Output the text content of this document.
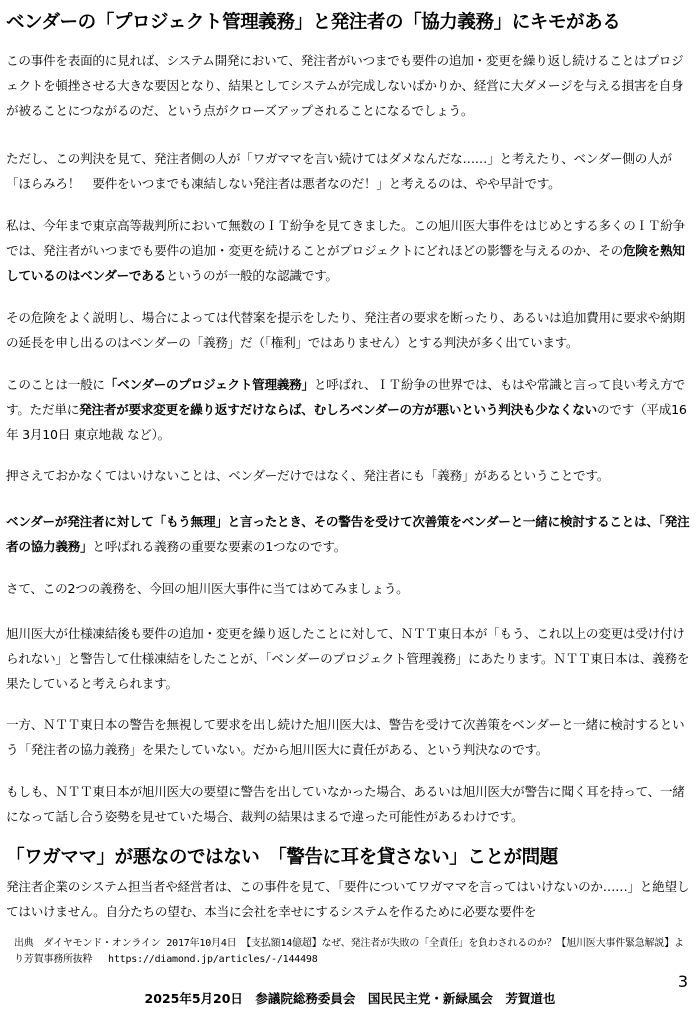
ベンダーの「プロジェクト管理義務」と発注者の「協力義務」にキモがある

この事件を表面的に見れば、システム開発において、発注者がいつまでも要件の追加・変更を繰り返し続けることはプロジェクトを頓挫させる大きな要因となり、結果としてシステムが完成しないばかりか、経営に大ダメージを与える損害を自身が被ることにつながるのだ、という点がクローズアップされることになるでしょう。

ただし、この判決を見て、発注者側の人が「ワガママを言い続けてはダメなんだな……」と考えたり、ベンダー側の人が「ほらみろ！　要件をいつまでも凍結しない発注者は悪者なのだ！」と考えるのは、やや早計です。

私は、今年まで東京高等裁判所において無数のＩＴ紛争を見てきました。この旭川医大事件をはじめとする多くのＩＴ紛争では、発注者がいつまでも要件の追加・変更を続けることがプロジェクトにどれほどの影響を与えるのか、その危険を熟知しているのはベンダーであるというのが一般的な認識です。

その危険をよく説明し、場合によっては代替案を提示をしたり、発注者の要求を断ったり、あるいは追加費用に要求や納期の延長を申し出るのはベンダーの「義務」だ（「権利」ではありません）とする判決が多く出ています。

このことは一般に「ベンダーのプロジェクト管理義務」と呼ばれ、ＩＴ紛争の世界では、もはや常識と言って良い考え方です。ただ単に発注者が要求変更を繰り返すだけならば、むしろベンダーの方が悪いという判決も少なくないのです（平成16年 3月10日 東京地裁 など）。

押さえておかなくてはいけないことは、ベンダーだけではなく、発注者にも「義務」があるということです。

ベンダーが発注者に対して「もう無理」と言ったとき、その警告を受けて次善策をベンダーと一緒に検討することは、「発注者の協力義務」と呼ばれる義務の重要な要素の1つなのです。

さて、この2つの義務を、今回の旭川医大事件に当てはめてみましょう。

旭川医大が仕様凍結後も要件の追加・変更を繰り返したことに対して、ＮＴＴ東日本が「もう、これ以上の変更は受け付けられない」と警告して仕様凍結をしたことが、「ベンダーのプロジェクト管理義務」にあたります。ＮＴＴ東日本は、義務を果たしていると考えられます。

一方、ＮＴＴ東日本の警告を無視して要求を出し続けた旭川医大は、警告を受けて次善策をベンダーと一緒に検討するという「発注者の協力義務」を果たしていない。だから旭川医大に責任がある、という判決なのです。

もしも、ＮＴＴ東日本が旭川医大の要望に警告を出していなかった場合、あるいは旭川医大が警告に聞く耳を持って、一緒になって話し合う姿勢を見せていた場合、裁判の結果はまるで違った可能性があるわけです。

「ワガママ」が悪なのではない　「警告に耳を貸さない」ことが問題

発注者企業のシステム担当者や経営者は、この事件を見て、「要件についてワガママを言ってはいけないのか……」と絶望してはいけません。自分たちの望む、本当に会社を幸せにするシステムを作るために必要な要件を

出典　ダイヤモンド・オンライン 2017年10月4日　【支払額14億超】なぜ、発注者が失敗の「全責任」を負わされるのか？【旭川医大事件緊急解説】より芳賀事務所抜粋　 https://diamond.jp/articles/-/144498

2025年5月20日　参議院総務委員会　国民民主党・新緑風会　芳賀道也

3
